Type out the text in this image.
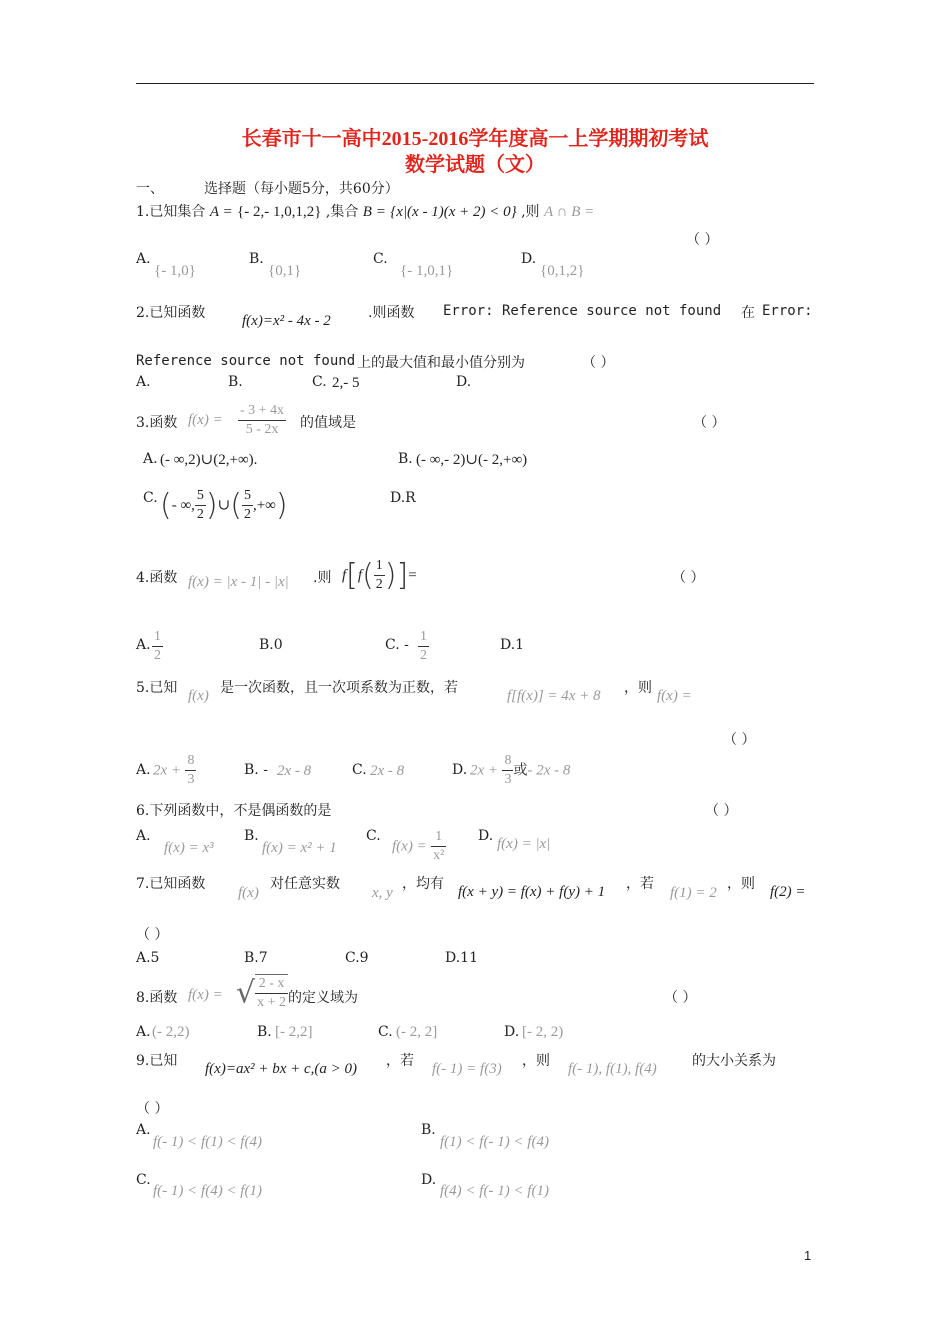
长春市十一高中2015-2016学年度高一上学期期初考试
数学试题（文）
一、	选择题（每小题5分，共60分）
1.已知集合 A = {- 2,- 1,0,1,2} ,集合 B = {x|(x - 1)(x + 2) < 0} ,则 A ∩ B =
（ ）
A.
{- 1,0}
B.
{0,1}
C.
{- 1,0,1}
D.
{0,1,2}
2.已知函数 f(x)=x² - 4x - 2	.则函数 Error: Reference source not found 在 Error:
Reference source not found 上的最大值和最小值分别为	（ ）
A.	B.	C. 2,- 5	D.
3.函数 $f(x) = \frac{- 3 + 4x}{5 - 2x}$ 的值域是	（ ）
A. (- ∞,2)∪(2,+∞).	B. (- ∞,- 2)∪(- 2,+∞)
C. (- ∞, $\frac{5}{2}$ )∪( $\frac{5}{2}$ ,+∞)	D.R
4.函数 f(x) = |x - 1| - |x| .则 $f[f( \frac{1}{2}$ )]=	（ ）
A. $\frac{1}{2}$	B.0	C. - $\frac{1}{2}$	D.1
5.已知 f(x) 是一次函数，且一次项系数为正数，若	f[f(x)] = 4x + 8 ，则 f(x) =
（ ）
A. $2x + \frac{8}{3}$	B. - 2x - 8	C. 2x - 8	D. $2x + \frac{8}{3}$ 或- 2x - 8
6.下列函数中，不是偶函数的是	（ ）
A.
f(x) = x³
B.
f(x) = x² + 1
C.
$f(x) = \frac{1}{\text{x²}} D$. f(x) = |x|
7.已知函数
f(x)
对任意实数
x, y
，均有 f(x + y) = f(x) + f(y) + 1 ，若
f(1) = 2
，则 f(2) =
（ ）
A.5	B.7	C.9	D.11
8.函数 f(x) = √ $\frac{2 - x}{x + 2}$ 的定义域为	（ ）
A. (- 2,2)	B. [- 2,2]	C. (- 2, 2]	D. [- 2, 2)
9.已知 f(x)=ax² + bx + c,(a > 0) ，若 f(- 1) = f(3) ，则 f(- 1), f(1), f(4)	的大小关系为
（ ）
A.
f(- 1) < f(1) < f(4)
B.
f(1) < f(- 1) < f(4)
C.
f(- 1) < f(4) < f(1)
D.
f(4) < f(- 1) < f(1)
1
